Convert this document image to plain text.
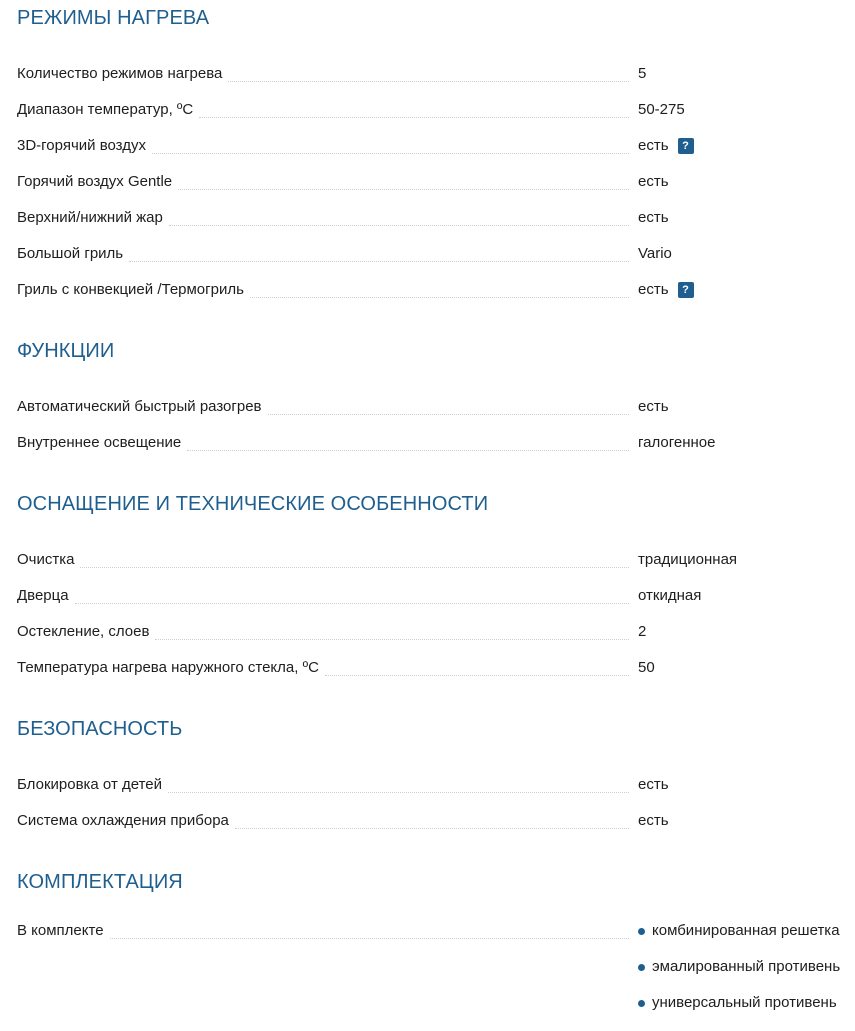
РЕЖИМЫ НАГРЕВА
Количество режимов нагрева	5
Диапазон температур, ºС	50-275
3D-горячий воздух	есть	?
Горячий воздух Gentle	есть
Верхний/нижний жар	есть
Большой гриль	Vario
Гриль с конвекцией /Термогриль	есть	?
ФУНКЦИИ
Автоматический быстрый разогрев	есть
Внутреннее освещение	галогенное
ОСНАЩЕНИЕ И ТЕХНИЧЕСКИЕ ОСОБЕННОСТИ
Очистка	традиционная
Дверца	откидная
Остекление, слоев	2
Температура нагрева наружного стекла, ºС	50
БЕЗОПАСНОСТЬ
Блокировка от детей	есть
Система охлаждения прибора	есть
КОМПЛЕКТАЦИЯ
В комплекте	комбинированная решетка
эмалированный противень
универсальный противень
